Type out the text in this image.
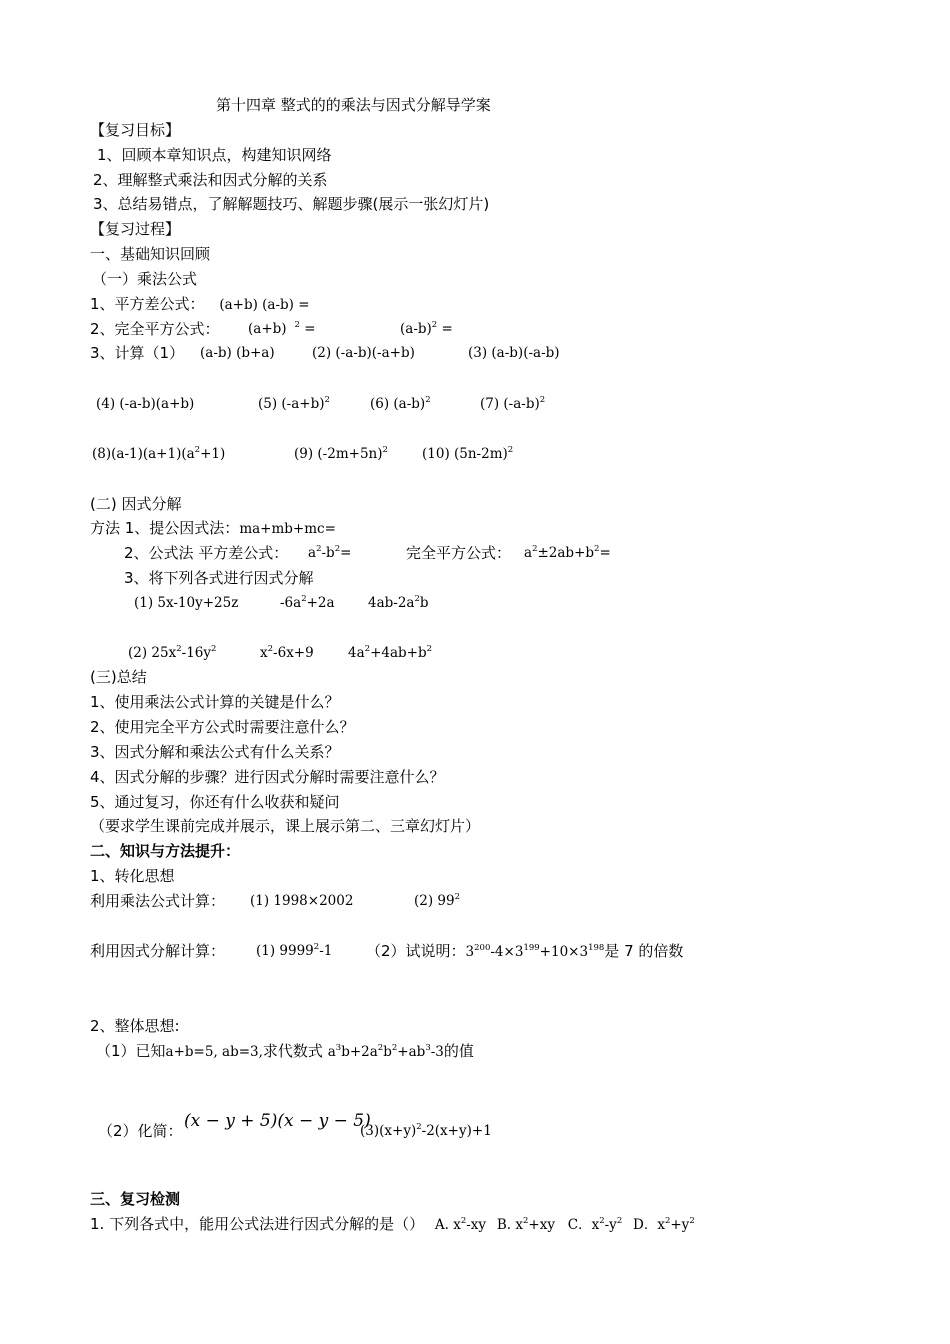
第十四章 整式的的乘法与因式分解导学案
【复习目标】
1、回顾本章知识点，构建知识网络
2、理解整式乘法和因式分解的关系
3、总结易错点，了解解题技巧、解题步骤(展示一张幻灯片)
【复习过程】
一、基础知识回顾
（一）乘法公式
1、平方差公式： (a+b) (a-b) =
2、完全平方公式： (a+b) $^2$ =	$(a-b)^2$ =
3、计算（1） (a-b) (b+a)	(2) (-a-b)(-a+b)	(3) (a-b)(-a-b)
(4) (-a-b)(a+b)	(5) $(-a+b)^2$	(6) $(a-b)^2$	(7) $(-a-b)^2$
$(8)(a-1)(a+1)(a^2+1)$	(9) $(-2m+5n)^2$	(10) $(5n-2m)^2$
(二) 因式分解
方法 1、提公因式法：ma+mb+mc=
2、公式法 平方差公式： $a^2-b^2=$	完全平方公式： $a^2\pm 2ab+b^2=$
3、将下列各式进行因式分解
(1) 5x-10y+25z	$-6a^2+2a$ $4ab-2a^2b$
(2) $25x^2-16y^2$	$x^2-6x+9$	$4a^2+4ab+b^2$
(三)总结
1、使用乘法公式计算的关键是什么？
2、使用完全平方公式时需要注意什么？
3、因式分解和乘法公式有什么关系？
4、因式分解的步骤？进行因式分解时需要注意什么？
5、通过复习，你还有什么收获和疑问
（要求学生课前完成并展示，课上展示第二、三章幻灯片）
二、知识与方法提升：
1、转化思想
利用乘法公式计算： (1) 1998×2002	(2) $99^2$
利用因式分解计算： (1) 9999$^2$-1 （2）试说明：$3^{200}-4\times 3^{199}+10\times 3^{198}$是 7 的倍数
2、整体思想:
（1）已知a+b=5, ab=3,求代数式 $a^3b+2a^2b^2+ab^3-3$的值
（2）化简： (x − y + 5)(x − y − 5)
$(3)(x+y)^2-2(x+y)+1$
三、复习检测
1. 下列各式中，能用公式法进行因式分解的是（） A. $x^2-xy$ B. $x^2+xy$ C．$x^2-y^2$ D．$x^2+y^2$
